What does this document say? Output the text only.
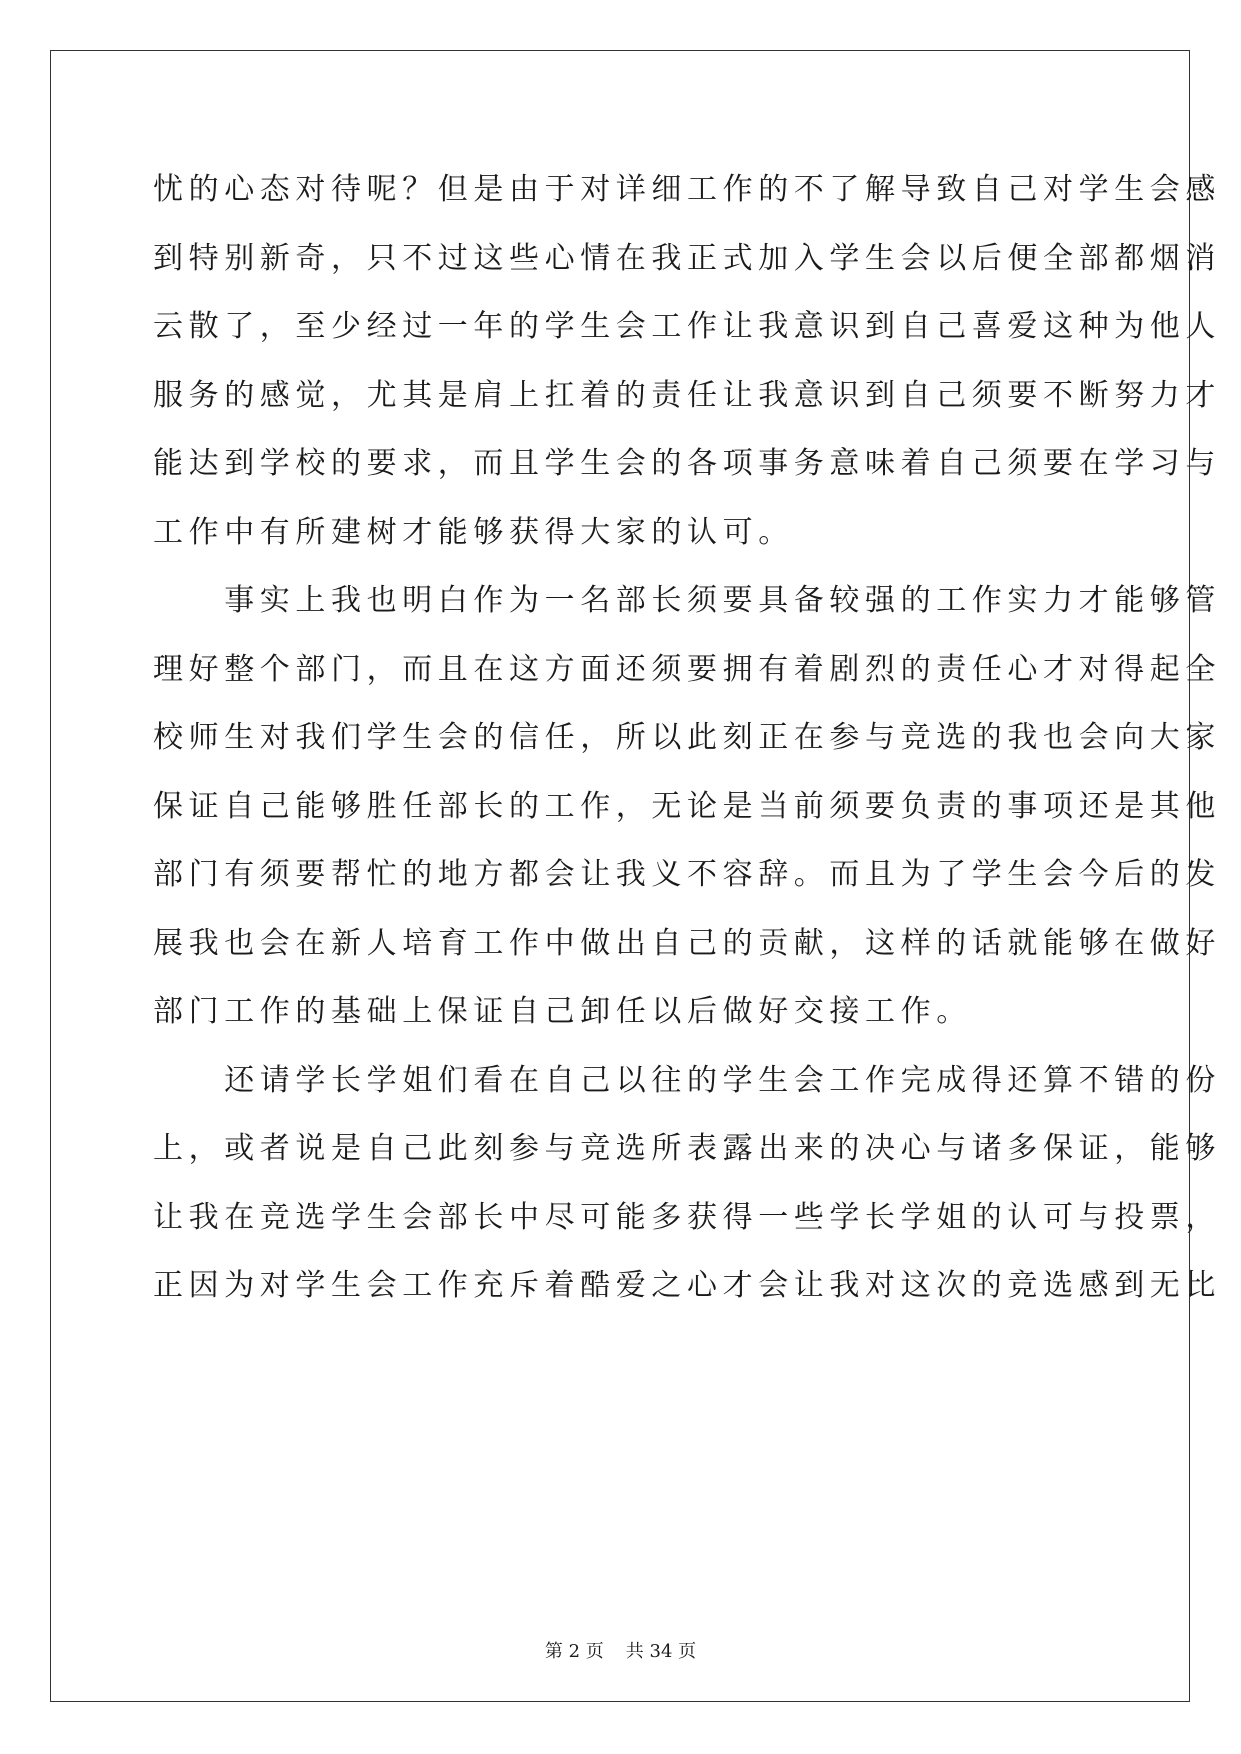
忧的心态对待呢？但是由于对详细工作的不了解导致自己对学生会感
到特别新奇，只不过这些心情在我正式加入学生会以后便全部都烟消
云散了，至少经过一年的学生会工作让我意识到自己喜爱这种为他人
服务的感觉，尤其是肩上扛着的责任让我意识到自己须要不断努力才
能达到学校的要求，而且学生会的各项事务意味着自己须要在学习与
工作中有所建树才能够获得大家的认可。
　　事实上我也明白作为一名部长须要具备较强的工作实力才能够管
理好整个部门，而且在这方面还须要拥有着剧烈的责任心才对得起全
校师生对我们学生会的信任，所以此刻正在参与竞选的我也会向大家
保证自己能够胜任部长的工作，无论是当前须要负责的事项还是其他
部门有须要帮忙的地方都会让我义不容辞。而且为了学生会今后的发
展我也会在新人培育工作中做出自己的贡献，这样的话就能够在做好
部门工作的基础上保证自己卸任以后做好交接工作。
　　还请学长学姐们看在自己以往的学生会工作完成得还算不错的份
上，或者说是自己此刻参与竞选所表露出来的决心与诸多保证，能够
让我在竞选学生会部长中尽可能多获得一些学长学姐的认可与投票，
正因为对学生会工作充斥着酷爱之心才会让我对这次的竞选感到无比
第 2 页 共 34 页
